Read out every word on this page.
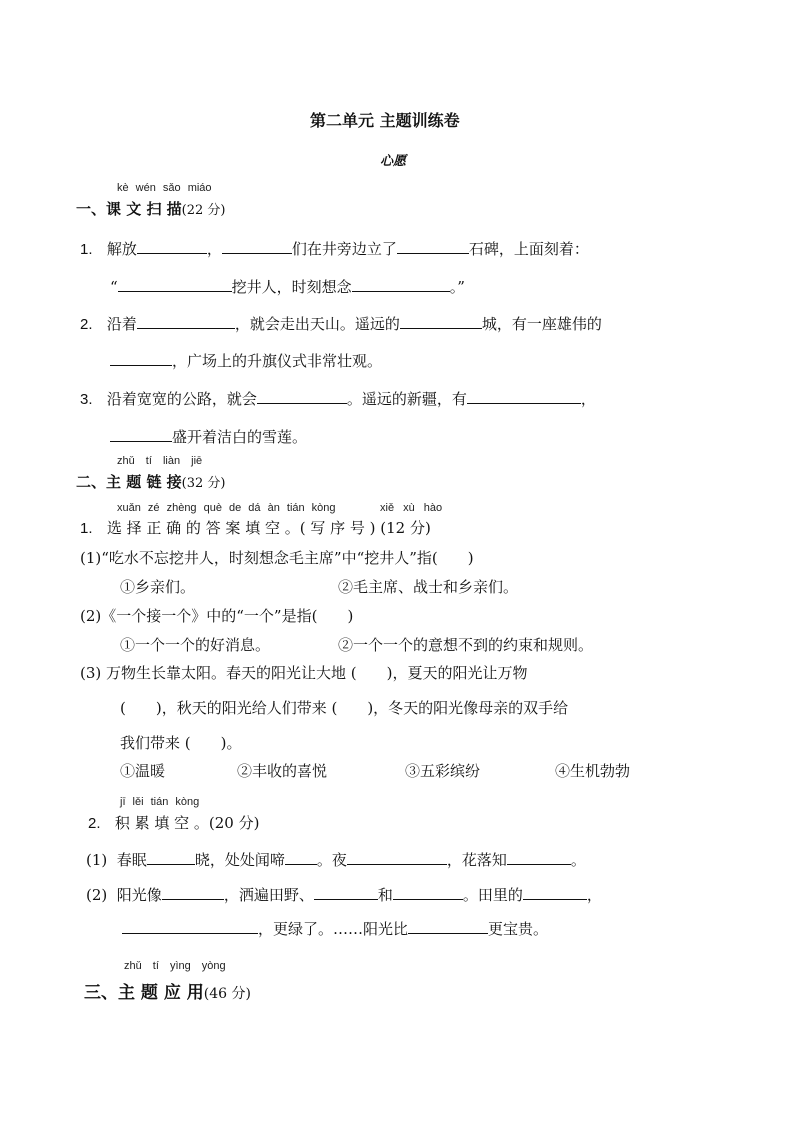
第二单元 主题训练卷
心愿
kè wén sǎo miáo
一、课 文 扫 描(22 分)
1. 解放	，	们在井旁边立了	石碑，上面刻着：
“	挖井人，时刻想念	。”
2. 沿着	，就会走出天山。遥远的	城，有一座雄伟的
，广场上的升旗仪式非常壮观。
3. 沿着宽宽的公路，就会	。遥远的新疆，有	，
盛开着洁白的雪莲。
zhǔ tí liàn jiē
二、主 题 链 接(32 分)
xuǎn zé zhèng què de dá àn tián kòng	xiě xù hào
1. 选 择 正 确 的 答 案 填 空 。( 写 序 号 ) (12 分)
(1)“吃水不忘挖井人，时刻想念毛主席”中“挖井人”指(　　)
①乡亲们。	②毛主席、战士和乡亲们。
(2)《一个接一个》中的“一个”是指(　　)
①一个一个的好消息。	②一个一个的意想不到的约束和规则。
(3) 万物生长靠太阳。春天的阳光让大地 (　　)，夏天的阳光让万物
(　　)，秋天的阳光给人们带来 (　　)，冬天的阳光像母亲的双手给
我们带来 (　　)。
①温暖	②丰收的喜悦	③五彩缤纷	④生机勃勃
jī lěi tián kòng
2. 积 累 填 空 。(20 分)
(1) 春眠	晓，处处闻啼 。夜	，花落知	。
(2) 阳光像	，洒遍田野、	和	。田里的	，
，更绿了。……阳光比	更宝贵。
zhǔ tí yìng yòng
三、主 题 应 用(46 分)
